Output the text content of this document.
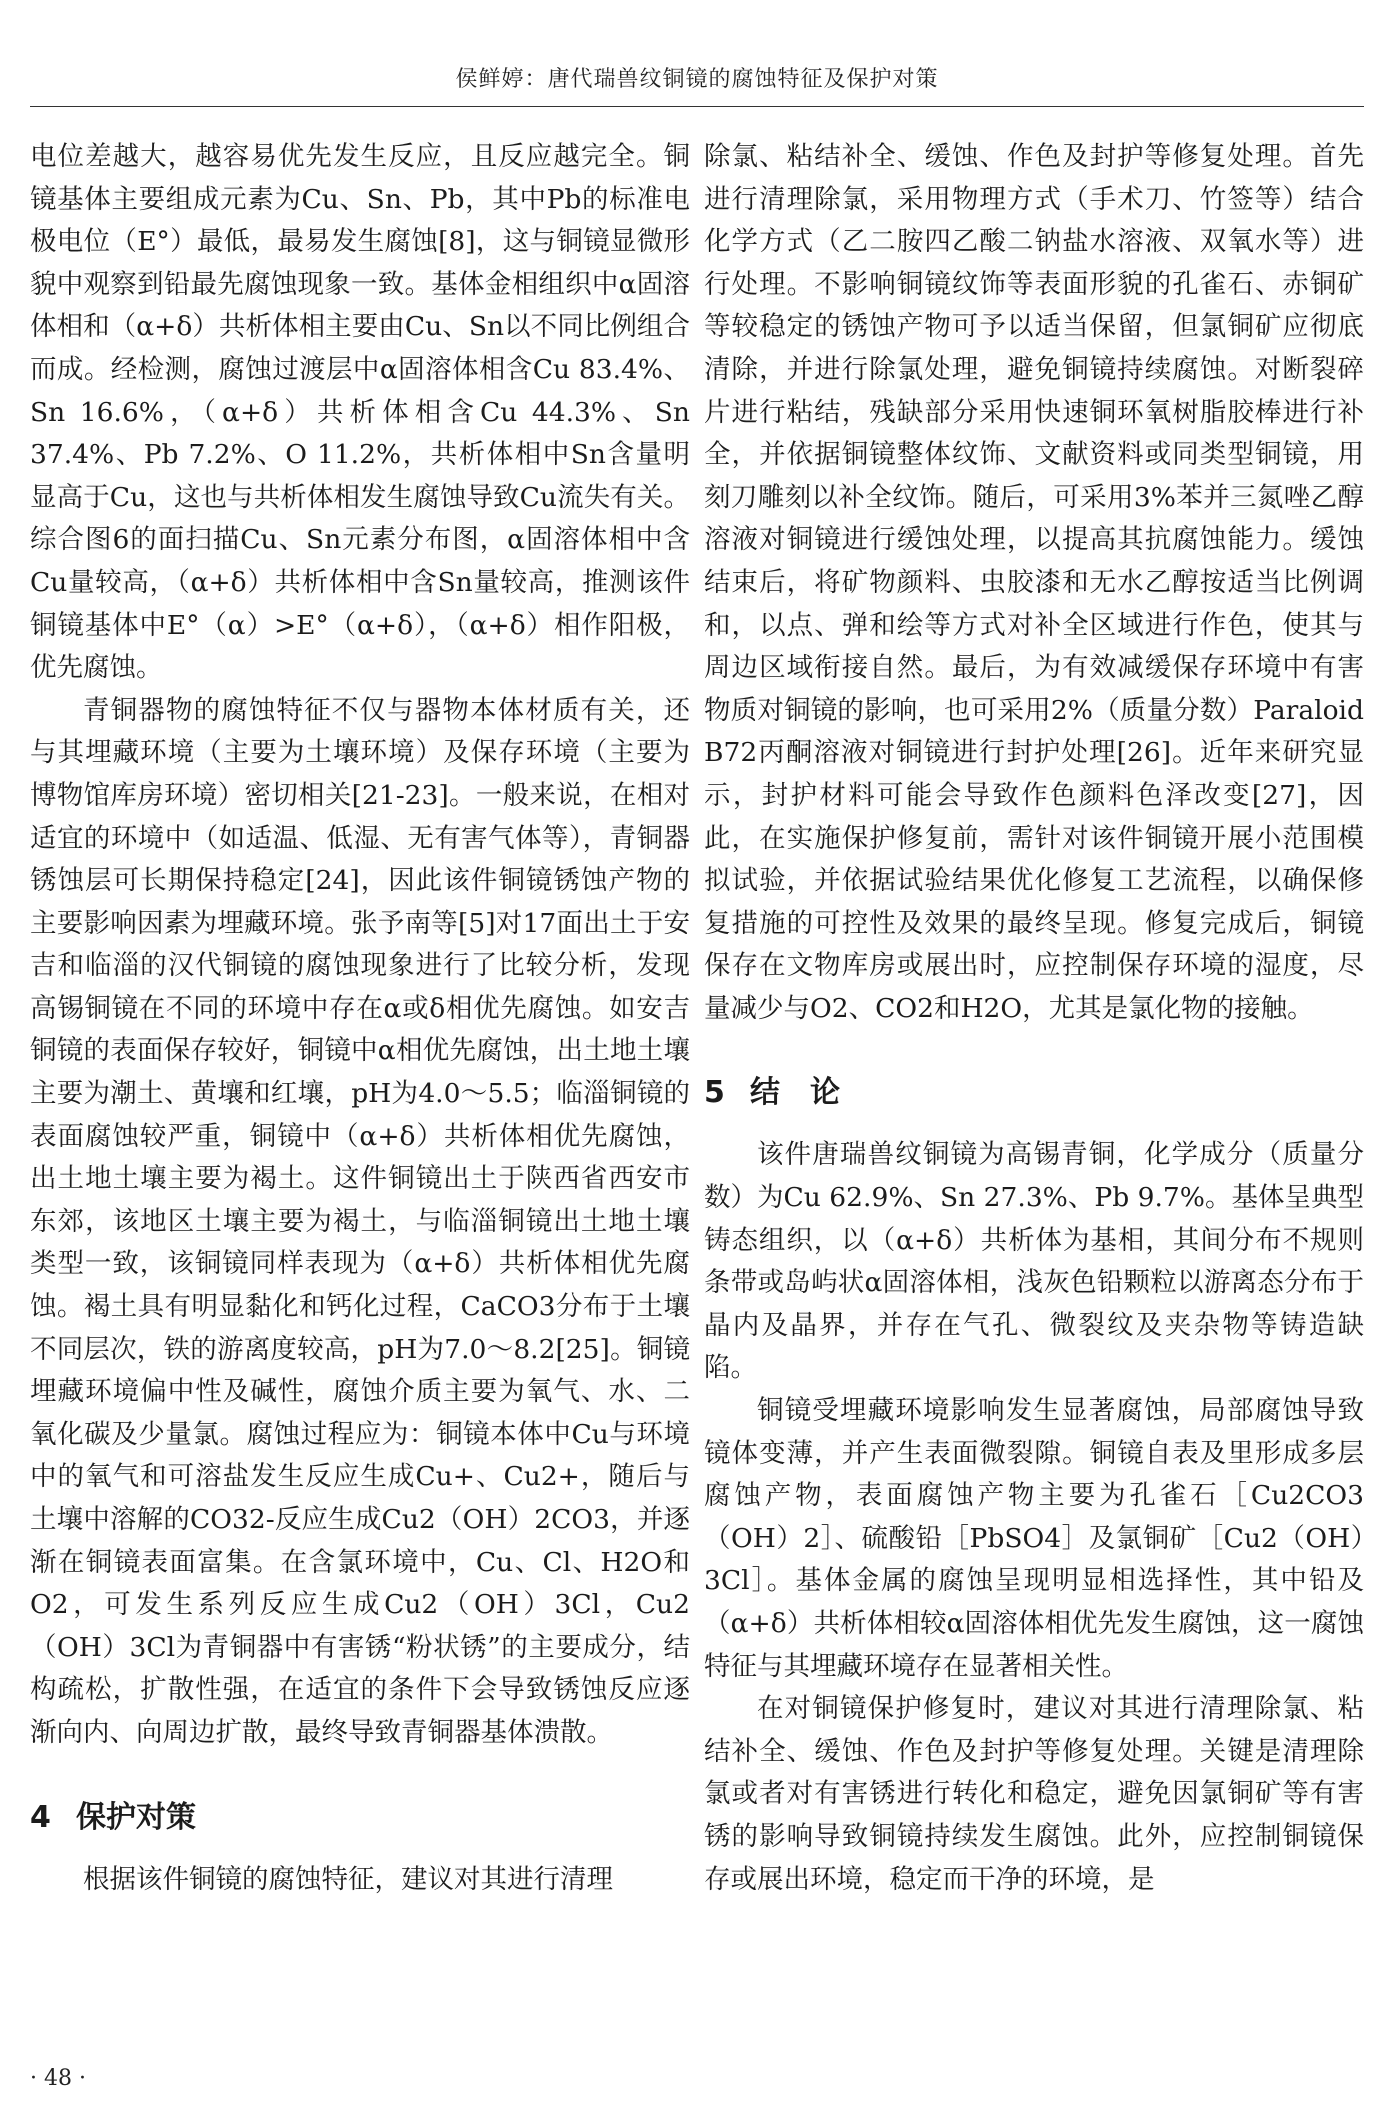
侯鲜婷：唐代瑞兽纹铜镜的腐蚀特征及保护对策

电位差越大，越容易优先发生反应，且反应越完全。铜镜基体主要组成元素为Cu、Sn、Pb，其中Pb的标准电极电位（E°）最低，最易发生腐蚀[8]，这与铜镜显微形貌中观察到铅最先腐蚀现象一致。基体金相组织中α固溶体相和（α+δ）共析体相主要由Cu、Sn以不同比例组合而成。经检测，腐蚀过渡层中α固溶体相含Cu 83.4%、Sn 16.6%，（α+δ）共析体相含Cu 44.3%、Sn 37.4%、Pb 7.2%、O 11.2%，共析体相中Sn含量明显高于Cu，这也与共析体相发生腐蚀导致Cu流失有关。综合图6的面扫描Cu、Sn元素分布图，α固溶体相中含Cu量较高，（α+δ）共析体相中含Sn量较高，推测该件铜镜基体中E°（α）>E°（α+δ），（α+δ）相作阳极，优先腐蚀。

青铜器物的腐蚀特征不仅与器物本体材质有关，还与其埋藏环境（主要为土壤环境）及保存环境（主要为博物馆库房环境）密切相关[21-23]。一般来说，在相对适宜的环境中（如适温、低湿、无有害气体等），青铜器锈蚀层可长期保持稳定[24]，因此该件铜镜锈蚀产物的主要影响因素为埋藏环境。张予南等[5]对17面出土于安吉和临淄的汉代铜镜的腐蚀现象进行了比较分析，发现高锡铜镜在不同的环境中存在α或δ相优先腐蚀。如安吉铜镜的表面保存较好，铜镜中α相优先腐蚀，出土地土壤主要为潮土、黄壤和红壤，pH为4.0～5.5；临淄铜镜的表面腐蚀较严重，铜镜中（α+δ）共析体相优先腐蚀，出土地土壤主要为褐土。这件铜镜出土于陕西省西安市东郊，该地区土壤主要为褐土，与临淄铜镜出土地土壤类型一致，该铜镜同样表现为（α+δ）共析体相优先腐蚀。褐土具有明显黏化和钙化过程，CaCO3分布于土壤不同层次，铁的游离度较高，pH为7.0～8.2[25]。铜镜埋藏环境偏中性及碱性，腐蚀介质主要为氧气、水、二氧化碳及少量氯。腐蚀过程应为：铜镜本体中Cu与环境中的氧气和可溶盐发生反应生成Cu+、Cu2+，随后与土壤中溶解的CO32-反应生成Cu2（OH）2CO3，并逐渐在铜镜表面富集。在含氯环境中，Cu、Cl、H2O和O2，可发生系列反应生成Cu2（OH）3Cl，Cu2（OH）3Cl为青铜器中有害锈“粉状锈”的主要成分，结构疏松，扩散性强，在适宜的条件下会导致锈蚀反应逐渐向内、向周边扩散，最终导致青铜器基体溃散。

4 保护对策

根据该件铜镜的腐蚀特征，建议对其进行清理

除氯、粘结补全、缓蚀、作色及封护等修复处理。首先进行清理除氯，采用物理方式（手术刀、竹签等）结合化学方式（乙二胺四乙酸二钠盐水溶液、双氧水等）进行处理。不影响铜镜纹饰等表面形貌的孔雀石、赤铜矿等较稳定的锈蚀产物可予以适当保留，但氯铜矿应彻底清除，并进行除氯处理，避免铜镜持续腐蚀。对断裂碎片进行粘结，残缺部分采用快速铜环氧树脂胶棒进行补全，并依据铜镜整体纹饰、文献资料或同类型铜镜，用刻刀雕刻以补全纹饰。随后，可采用3%苯并三氮唑乙醇溶液对铜镜进行缓蚀处理，以提高其抗腐蚀能力。缓蚀结束后，将矿物颜料、虫胶漆和无水乙醇按适当比例调和，以点、弹和绘等方式对补全区域进行作色，使其与周边区域衔接自然。最后，为有效减缓保存环境中有害物质对铜镜的影响，也可采用2%（质量分数）Paraloid B72丙酮溶液对铜镜进行封护处理[26]。近年来研究显示，封护材料可能会导致作色颜料色泽改变[27]，因此，在实施保护修复前，需针对该件铜镜开展小范围模拟试验，并依据试验结果优化修复工艺流程，以确保修复措施的可控性及效果的最终呈现。修复完成后，铜镜保存在文物库房或展出时，应控制保存环境的湿度，尽量减少与O2、CO2和H2O，尤其是氯化物的接触。

5 结　论

该件唐瑞兽纹铜镜为高锡青铜，化学成分（质量分数）为Cu 62.9%、Sn 27.3%、Pb 9.7%。基体呈典型铸态组织，以（α+δ）共析体为基相，其间分布不规则条带或岛屿状α固溶体相，浅灰色铅颗粒以游离态分布于晶内及晶界，并存在气孔、微裂纹及夹杂物等铸造缺陷。

铜镜受埋藏环境影响发生显著腐蚀，局部腐蚀导致镜体变薄，并产生表面微裂隙。铜镜自表及里形成多层腐蚀产物，表面腐蚀产物主要为孔雀石［Cu2CO3（OH）2］、硫酸铅［PbSO4］及氯铜矿［Cu2（OH）3Cl］。基体金属的腐蚀呈现明显相选择性，其中铅及（α+δ）共析体相较α固溶体相优先发生腐蚀，这一腐蚀特征与其埋藏环境存在显著相关性。

在对铜镜保护修复时，建议对其进行清理除氯、粘结补全、缓蚀、作色及封护等修复处理。关键是清理除氯或者对有害锈进行转化和稳定，避免因氯铜矿等有害锈的影响导致铜镜持续发生腐蚀。此外，应控制铜镜保存或展出环境，稳定而干净的环境，是

· 48 ·
